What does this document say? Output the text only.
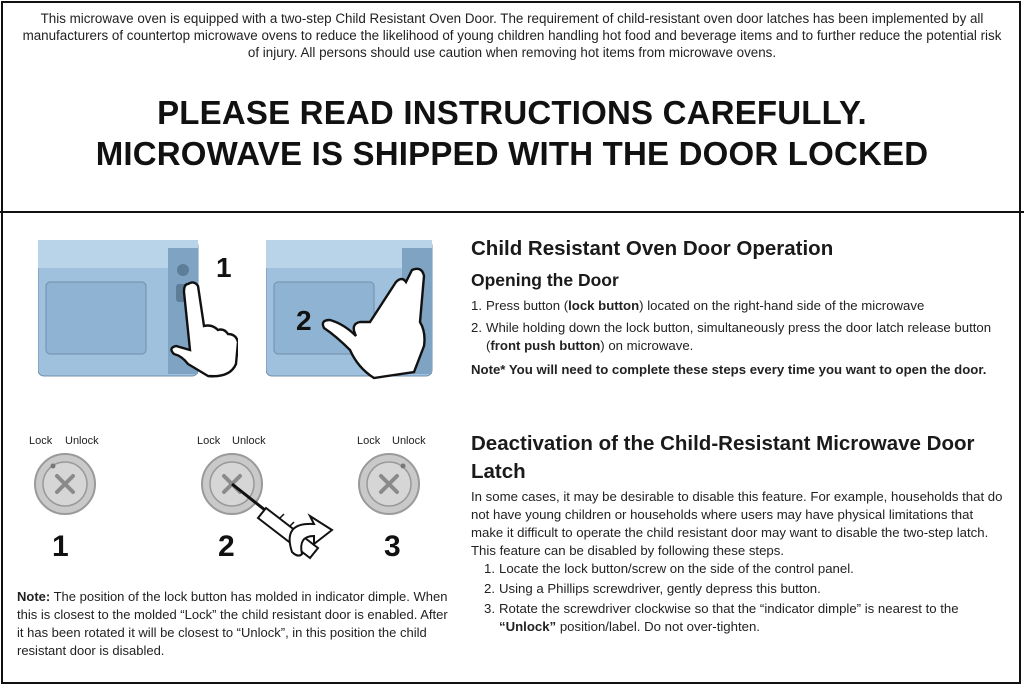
This microwave oven is equipped with a two-step Child Resistant Oven Door. The requirement of child-resistant oven door latches has been implemented by all manufacturers of countertop microwave ovens to reduce the likelihood of young children handling hot food and beverage items and to further reduce the potential risk of injury. All persons should use caution when removing hot items from microwave ovens.
PLEASE READ INSTRUCTIONS CAREFULLY.
MICROWAVE IS SHIPPED WITH THE DOOR LOCKED
1
2
Lock Unlock
1
Lock Unlock
2
Lock Unlock
3
Note: The position of the lock button has molded in indicator dimple. When this is closest to the molded “Lock” the child resistant door is enabled. After it has been rotated it will be closest to “Unlock”, in this position the child resistant door is disabled.
Child Resistant Oven Door Operation
Opening the Door
1. Press button (lock button) located on the right-hand side of the microwave
2. While holding down the lock button, simultaneously press the door latch release button (front push button) on microwave.
Note* You will need to complete these steps every time you want to open the door.
Deactivation of the Child-Resistant Microwave Door Latch
In some cases, it may be desirable to disable this feature. For example, households that do not have young children or households where users may have physical limitations that make it difficult to operate the child resistant door may want to disable the two-step latch. This feature can be disabled by following these steps.
1. Locate the lock button/screw on the side of the control panel.
2. Using a Phillips screwdriver, gently depress this button.
3. Rotate the screwdriver clockwise so that the “indicator dimple” is nearest to the “Unlock” position/label. Do not over-tighten.
